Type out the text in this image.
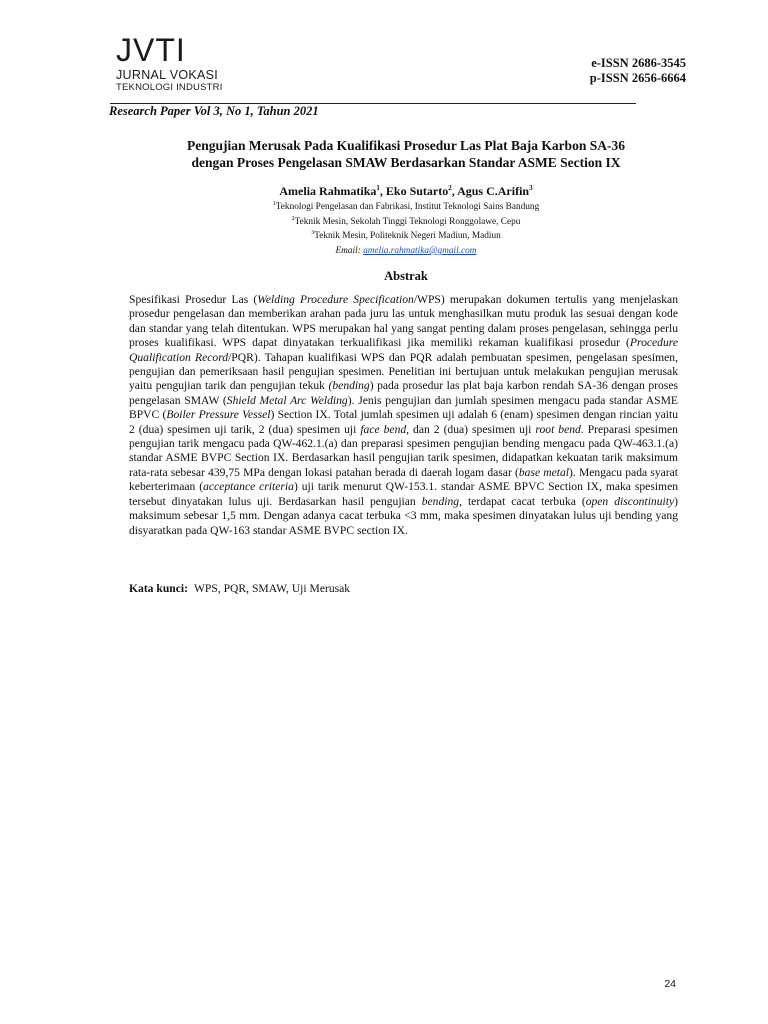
JVTI
JURNAL VOKASI
TEKNOLOGI INDUSTRI
e-ISSN 2686-3545
p-ISSN 2656-6664
Research Paper Vol 3, No 1, Tahun 2021
Pengujian Merusak Pada Kualifikasi Prosedur Las Plat Baja Karbon SA-36
dengan Proses Pengelasan SMAW Berdasarkan Standar ASME Section IX
Amelia Rahmatika$^1$, Eko Sutarto$^2$, Agus C.Arifin$^3$
$^1$Teknologi Pengelasan dan Fabrikasi, Institut Teknologi Sains Bandung
$^2$Teknik Mesin, Sekolah Tinggi Teknologi Ronggolawe, Cepu
$^3$Teknik Mesin, Politeknik Negeri Madiun, Madiun
Email: amelia.rahmatika@gmail.com
Abstrak
Spesifikasi Prosedur Las (Welding Procedure Specification/WPS) merupakan dokumen tertulis yang menjelaskan prosedur pengelasan dan memberikan arahan pada juru las untuk menghasilkan mutu produk las sesuai dengan kode dan standar yang telah ditentukan. WPS merupakan hal yang sangat penting dalam proses pengelasan, sehingga perlu proses kualifikasi. WPS dapat dinyatakan terkualifikasi jika memiliki rekaman kualifikasi prosedur (Procedure Qualification Record/PQR). Tahapan kualifikasi WPS dan PQR adalah pembuatan spesimen, pengelasan spesimen, pengujian dan pemeriksaan hasil pengujian spesimen. Penelitian ini bertujuan untuk melakukan pengujian merusak yaitu pengujian tarik dan pengujian tekuk (bending) pada prosedur las plat baja karbon rendah SA-36 dengan proses pengelasan SMAW (Shield Metal Arc Welding). Jenis pengujian dan jumlah spesimen mengacu pada standar ASME BPVC (Boiler Pressure Vessel) Section IX. Total jumlah spesimen uji adalah 6 (enam) spesimen dengan rincian yaitu 2 (dua) spesimen uji tarik, 2 (dua) spesimen uji face bend, dan 2 (dua) spesimen uji root bend. Preparasi spesimen pengujian tarik mengacu pada QW-462.1.(a) dan preparasi spesimen pengujian bending mengacu pada QW-463.1.(a) standar ASME BVPC Section IX. Berdasarkan hasil pengujian tarik spesimen, didapatkan kekuatan tarik maksimum rata-rata sebesar 439,75 MPa dengan lokasi patahan berada di daerah logam dasar (base metal). Mengacu pada syarat keberterimaan (acceptance criteria) uji tarik menurut QW-153.1. standar ASME BPVC Section IX, maka spesimen tersebut dinyatakan lulus uji. Berdasarkan hasil pengujian bending, terdapat cacat terbuka (open discontinuity) maksimum sebesar 1,5 mm. Dengan adanya cacat terbuka <3 mm, maka spesimen dinyatakan lulus uji bending yang disyaratkan pada QW-163 standar ASME BVPC section IX.
Kata kunci: WPS, PQR, SMAW, Uji Merusak
24
